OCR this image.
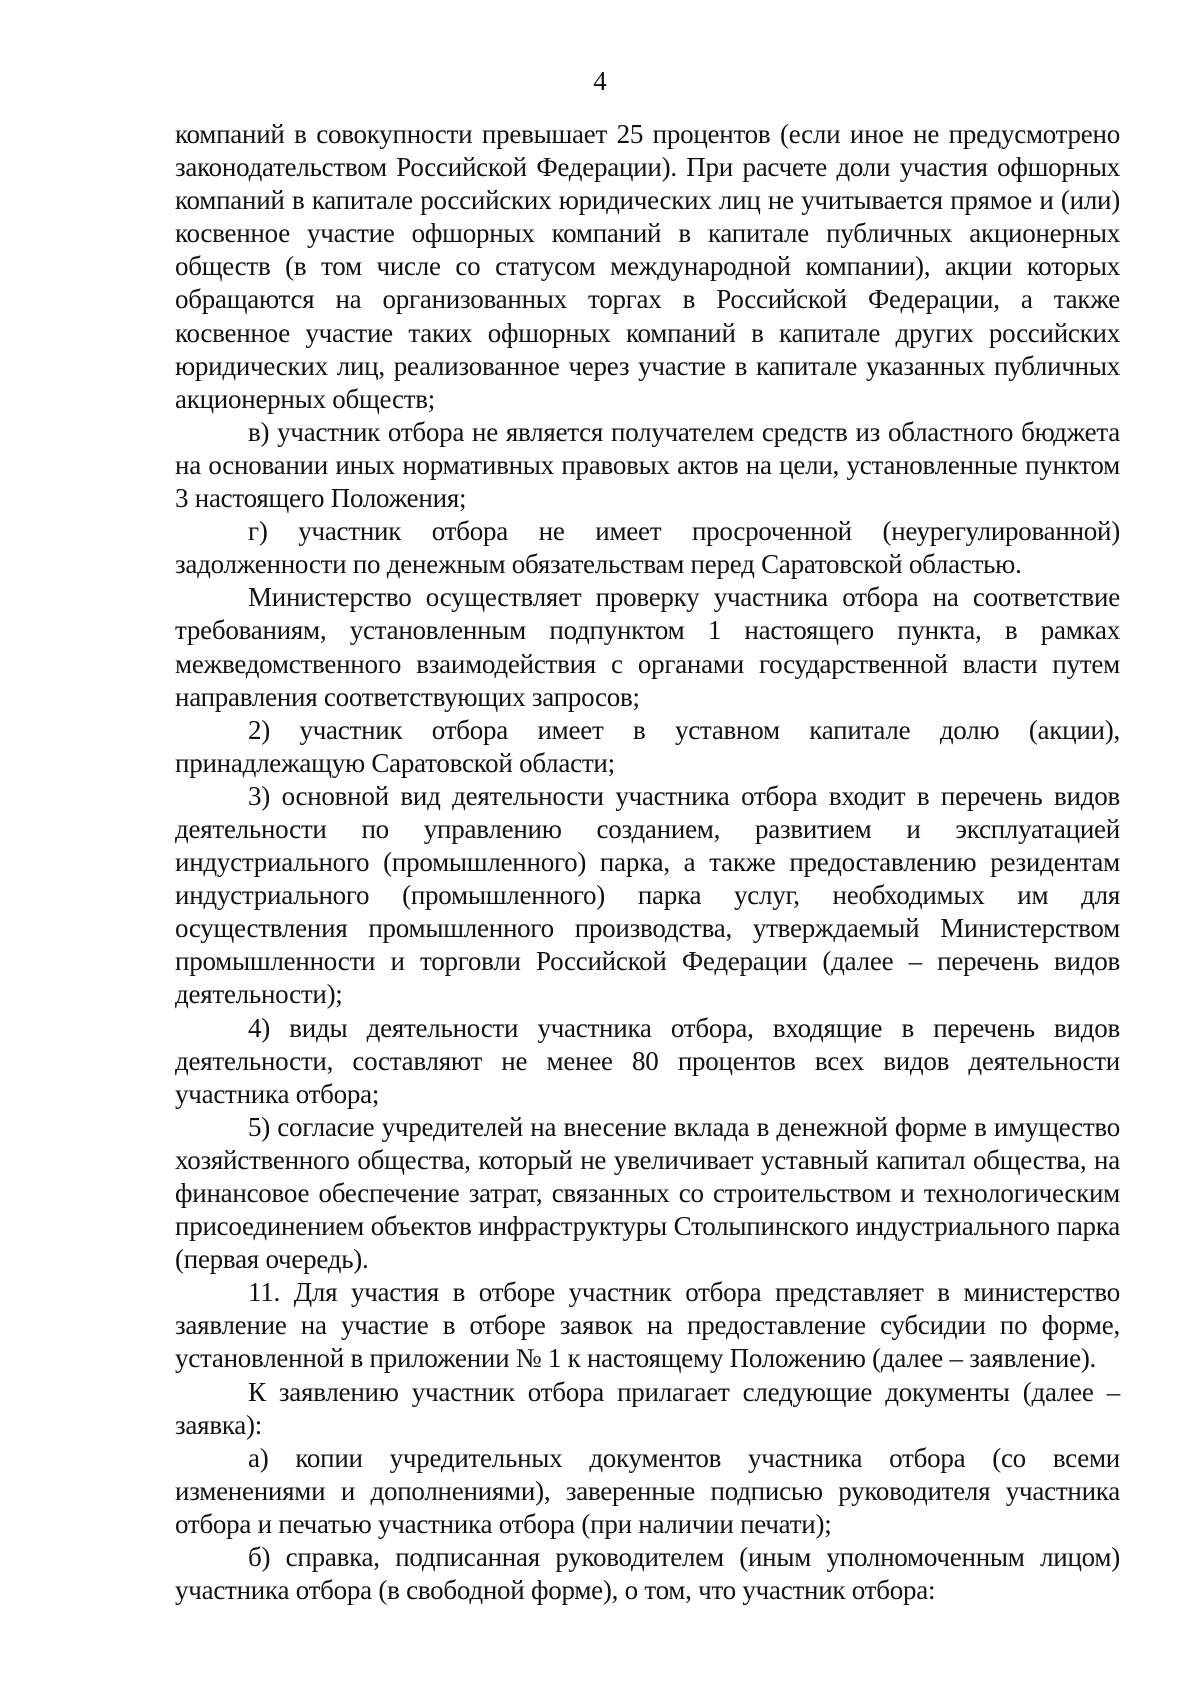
4

компаний в совокупности превышает 25 процентов (если иное не предусмотрено законодательством Российской Федерации). При расчете доли участия офшорных компаний в капитале российских юридических лиц не учитывается прямое и (или) косвенное участие офшорных компаний в капитале публичных акционерных обществ (в том числе со статусом международной компании), акции которых обращаются на организованных торгах в Российской Федерации, а также косвенное участие таких офшорных компаний в капитале других российских юридических лиц, реализованное через участие в капитале указанных публичных акционерных обществ;

в) участник отбора не является получателем средств из областного бюджета на основании иных нормативных правовых актов на цели, установленные пунктом 3 настоящего Положения;

г) участник отбора не имеет просроченной (неурегулированной) задолженности по денежным обязательствам перед Саратовской областью.

Министерство осуществляет проверку участника отбора на соответствие требованиям, установленным подпунктом 1 настоящего пункта, в рамках межведомственного взаимодействия с органами государственной власти путем направления соответствующих запросов;

2) участник отбора имеет в уставном капитале долю (акции), принадлежащую Саратовской области;

3) основной вид деятельности участника отбора входит в перечень видов деятельности по управлению созданием, развитием и эксплуатацией индустриального (промышленного) парка, а также предоставлению резидентам индустриального (промышленного) парка услуг, необходимых им для осуществления промышленного производства, утверждаемый Министерством промышленности и торговли Российской Федерации (далее – перечень видов деятельности);

4) виды деятельности участника отбора, входящие в перечень видов деятельности, составляют не менее 80 процентов всех видов деятельности участника отбора;

5) согласие учредителей на внесение вклада в денежной форме в имущество хозяйственного общества, который не увеличивает уставный капитал общества, на финансовое обеспечение затрат, связанных со строительством и технологическим присоединением объектов инфраструктуры Столыпинского индустриального парка (первая очередь).

11. Для участия в отборе участник отбора представляет в министерство заявление на участие в отборе заявок на предоставление субсидии по форме, установленной в приложении № 1 к настоящему Положению (далее – заявление).

К заявлению участник отбора прилагает следующие документы (далее – заявка):

а) копии учредительных документов участника отбора (со всеми изменениями и дополнениями), заверенные подписью руководителя участника отбора и печатью участника отбора (при наличии печати);

б) справка, подписанная руководителем (иным уполномоченным лицом) участника отбора (в свободной форме), о том, что участник отбора:
